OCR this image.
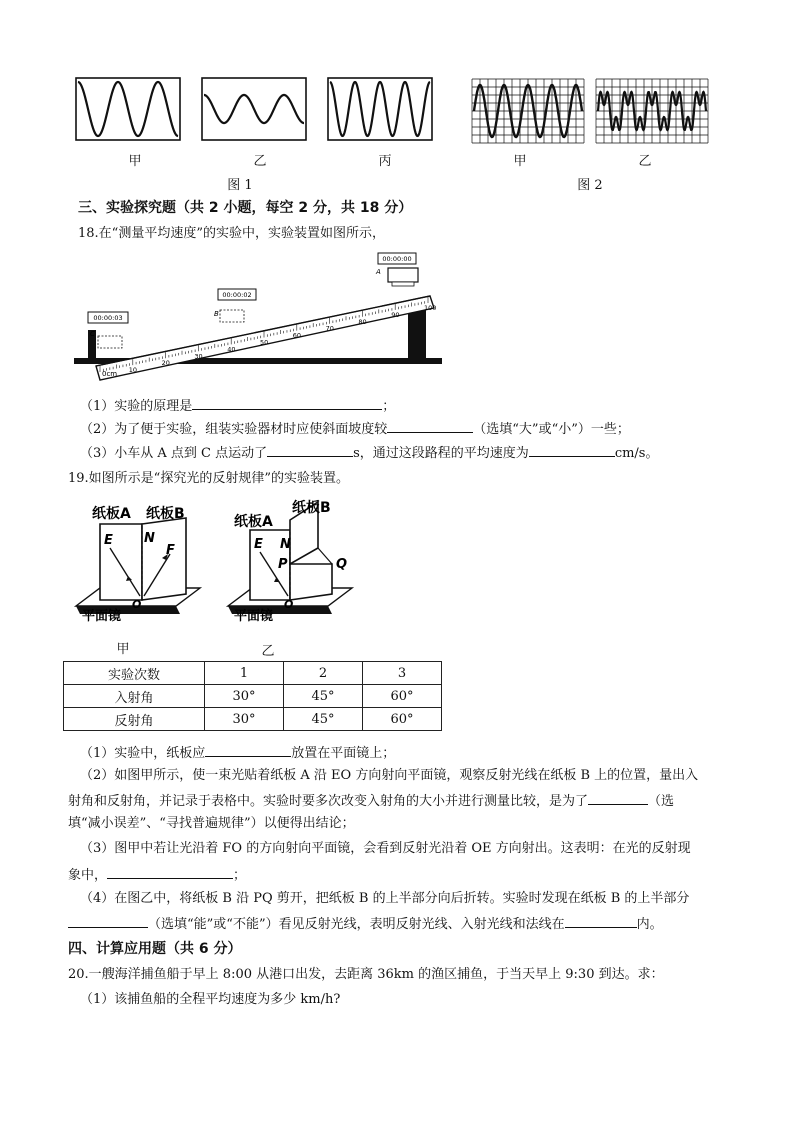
甲	乙	丙
图 1
甲	乙
图 2
三、实验探究题（共 2 小题，每空 2 分，共 18 分）
18.在“测量平均速度”的实验中，实验装置如图所示，
10
20
30
40
50
60
70
80
90
100
0cm
A
00:00:00
00:00:02
B
00:00:03
C
（1）实验的原理是	；
（2）为了便于实验，组装实验器材时应使斜面坡度较	（选填“大”或“小”）一些；
（3）小车从 A 点到 C 点运动了	s，通过这段路程的平均速度为	cm/s。
19.如图所示是“探究光的反射规律”的实验装置。
纸板A 纸板B
E N
F
O
平面镜
甲
纸板A
纸板B
E N
P	Q
O
平面镜
乙
实验次数	1	2	3
入射角	30°	45°	60°
反射角	30°	45°	60°
（1）实验中，纸板应	放置在平面镜上；
（2）如图甲所示，使一束光贴着纸板 A 沿 EO 方向射向平面镜，观察反射光线在纸板 B 上的位置，量出入
射角和反射角，并记录于表格中。实验时要多次改变入射角的大小并进行测量比较，是为了	（选
填“减小误差”、“寻找普遍规律”）以便得出结论；
（3）图甲中若让光沿着 FO 的方向射向平面镜，会看到反射光沿着 OE 方向射出。这表明：在光的反射现
象中，	；
（4）在图乙中，将纸板 B 沿 PQ 剪开，把纸板 B 的上半部分向后折转。实验时发现在纸板 B 的上半部分
（选填“能”或“不能”）看见反射光线，表明反射光线、入射光线和法线在	内。
四、计算应用题（共 6 分）
20.一艘海洋捕鱼船于早上 8:00 从港口出发，去距离 36km 的渔区捕鱼，于当天早上 9:30 到达。求：
（1）该捕鱼船的全程平均速度为多少 km/h?
